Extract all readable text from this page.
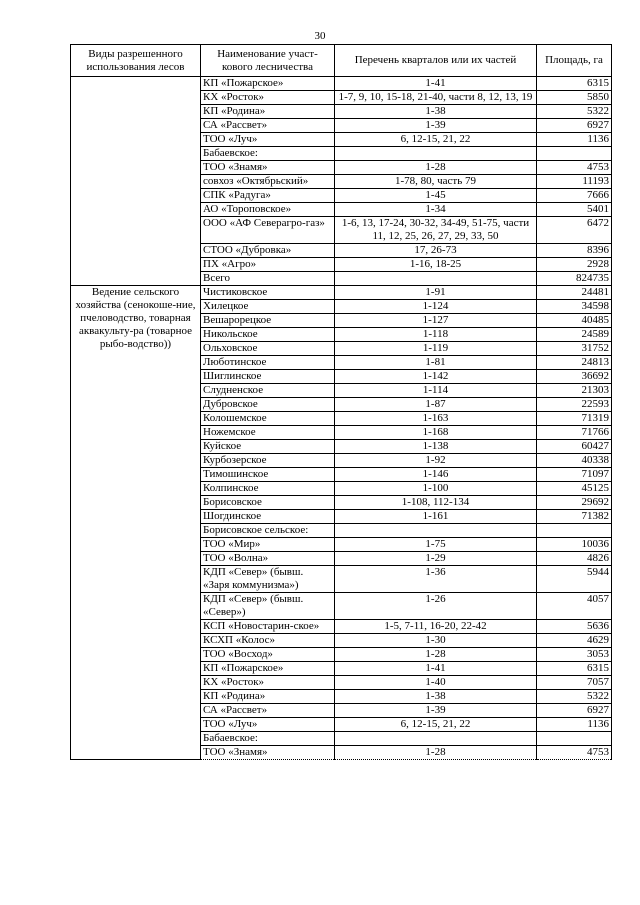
30
Виды разрешенного использования лесов	Наименование участ-кового лесничества	Перечень кварталов или их частей	Площадь, га
	КП «Пожарское»	1-41	6315
	КХ «Росток»	1-7, 9, 10, 15-18, 21-40, части 8, 12, 13, 19	5850
	КП «Родина»	1-38	5322
	СА «Рассвет»	1-39	6927
	ТОО «Луч»	6, 12-15, 21, 22	1136
	Бабаевское:		
	ТОО «Знамя»	1-28	4753
	совхоз «Октябрьский»	1-78, 80, часть 79	11193
	СПК «Радуга»	1-45	7666
	АО «Тороповское»	1-34	5401
	ООО «АФ Северагро-газ»	1-6, 13, 17-24, 30-32, 34-49, 51-75, части 11, 12, 25, 26, 27, 29, 33, 50	6472
	СТОО «Дубровка»	17, 26-73	8396
	ПХ «Агро»	1-16, 18-25	2928
	Всего		824735
Ведение сельского хозяйства (сенокоше-ние, пчеловодство, товарная аквакульту-ра (товарное рыбо-водство))	Чистиковское	1-91	24481
	Хилецкое	1-124	34598
	Вешарорецкое	1-127	40485
	Никольское	1-118	24589
	Ольховское	1-119	31752
	Люботинское	1-81	24813
	Шиглинское	1-142	36692
	Слудненское	1-114	21303
	Дубровское	1-87	22593
	Колошемское	1-163	71319
	Ножемское	1-168	71766
	Куйское	1-138	60427
	Курбозерское	1-92	40338
	Тимошинское	1-146	71097
	Колпинское	1-100	45125
	Борисовское	1-108, 112-134	29692
	Шогдинское	1-161	71382
	Борисовское сельское:		
	ТОО «Мир»	1-75	10036
	ТОО «Волна»	1-29	4826
	КДП «Север» (бывш. «Заря коммунизма»)	1-36	5944
	КДП «Север» (бывш. «Север»)	1-26	4057
	КСП «Новостарин-ское»	1-5, 7-11, 16-20, 22-42	5636
	КСХП «Колос»	1-30	4629
	ТОО «Восход»	1-28	3053
	КП «Пожарское»	1-41	6315
	КХ «Росток»	1-40	7057
	КП «Родина»	1-38	5322
	СА «Рассвет»	1-39	6927
	ТОО «Луч»	6, 12-15, 21, 22	1136
	Бабаевское:		
	ТОО «Знамя»	1-28	4753
